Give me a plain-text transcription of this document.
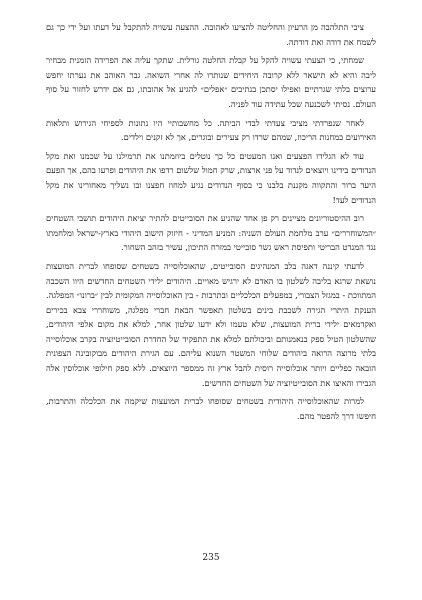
ציבי התלהבה מן הרעיון והחליטה להציעו לאהובה. ההצעה עשויה להתקבל על דעתו ועל ידי כך גם לשמח את דודה ואת דודתה.

שמחתי, כי הצעתי עשויה להקל על קבלת החלטה גורלית. שתקך עליה את הפרידה הזמנית מבחיר ליבה והיא לא תישאר ללא קרובה היחידים שנותרו לה אחרי השואה. גבר האוהב את נערתו יחפש ערוצים בלתי שגרתיים ואפילו יסתכן בנתיבים ״אפלים״ להגיע אל אהובתו, גם אם ידרש לחזור על סוף העולם. נסיתי לשכנעה שכל עתידה עוד לפניה.

לאחר שנפרדתי מציבי צעדתי לבדי הביתה. כל מחשבותיי היו נתונות לספיחי הגירוש ותלאות האירועים במחנות הריכוז, שמהם שרדו רק צעירים ובוגרים, אך לא זקנים וילדים.

עוד לא הגלידו הפצעים ואנו המעטים כל כך נוטלים ביוזמתנו את תרמילנו על שכמנו ואת מקל הנדודים בידינו ויוצאים לנדוד על פני ארצות, שרק חמול שלשום רדפו את היהודים ופרעו בהם, אך הפעם היעד ברור והתקווה מקננת בלבנו כי בסוף הנדודים נגיע למחוז חפצנו ובו נשליך מאחורינו את מקל הנדודים לעד!

רוב ההיסטוריונים מציינים רק פן אחד שהניע את הסובייטים להתיר יציאת היהודים תושבי השטחים ״המשוחררים״ ערב מלחמת העולם השניה: המניע המדיני - חיזוק הישוב היהודי בארץ-ישראל ומלחמתו נגד המנדט הבריטי ותפיסת ראש גשר סובייטי במזרח התיכון, עשיר בזהב השחור.

לדעתי קיננה דאגה בלב המנהיגים הסובייטים, שהאוכלוסייה בשטחים שסופחו לברית המועצות נושאת שרגא בליבה לשלטון בו האדם לא ירגיש מאויים. היהודים ילידי השטחים החדשים היוו השכבה המתווכת - במגזל הצבורי, במפעלים הכלכליים ובתרבות - בין האוכלוסייה המקומית לבין ״ברונו״ המפלגה. הענקת היתרי הגירה לשכבת בינים בשלטון תאפשר הבאת חברי מפלגה, משוחררי צבא בכירים ואקדמאים ילידי ברית המועצות, שלא טעמו ולא ידעו שלטון אחר, למלא את מקום אלפי היהודים, שהשלטון הטיל ספק בנאמנותם וביכולתם למלא את התפקיד של החדרת הסובייטיזציה בקרב אוכלוסייה בלתי מרוצה הרואה ביהודים שלוחי המשטר השנוא עליהם. עם הגירת היהודים מבוקובינה הצפונית הובאה כפליים ויותר אוכלוסייה רוסית להבל ארץ זה ממספר היוצאים. ללא ספק חילופי אוכלוסין אלה הגבירו והאיצו את הסובייטיזציה של השטחים החדשים.

למרות שהאוכלוסייה היהודית בשטחים שסופחו לברית המועצות שיקמה את הכלכלה והתרבות, חיפשו דרך להפטר מהם.

235
